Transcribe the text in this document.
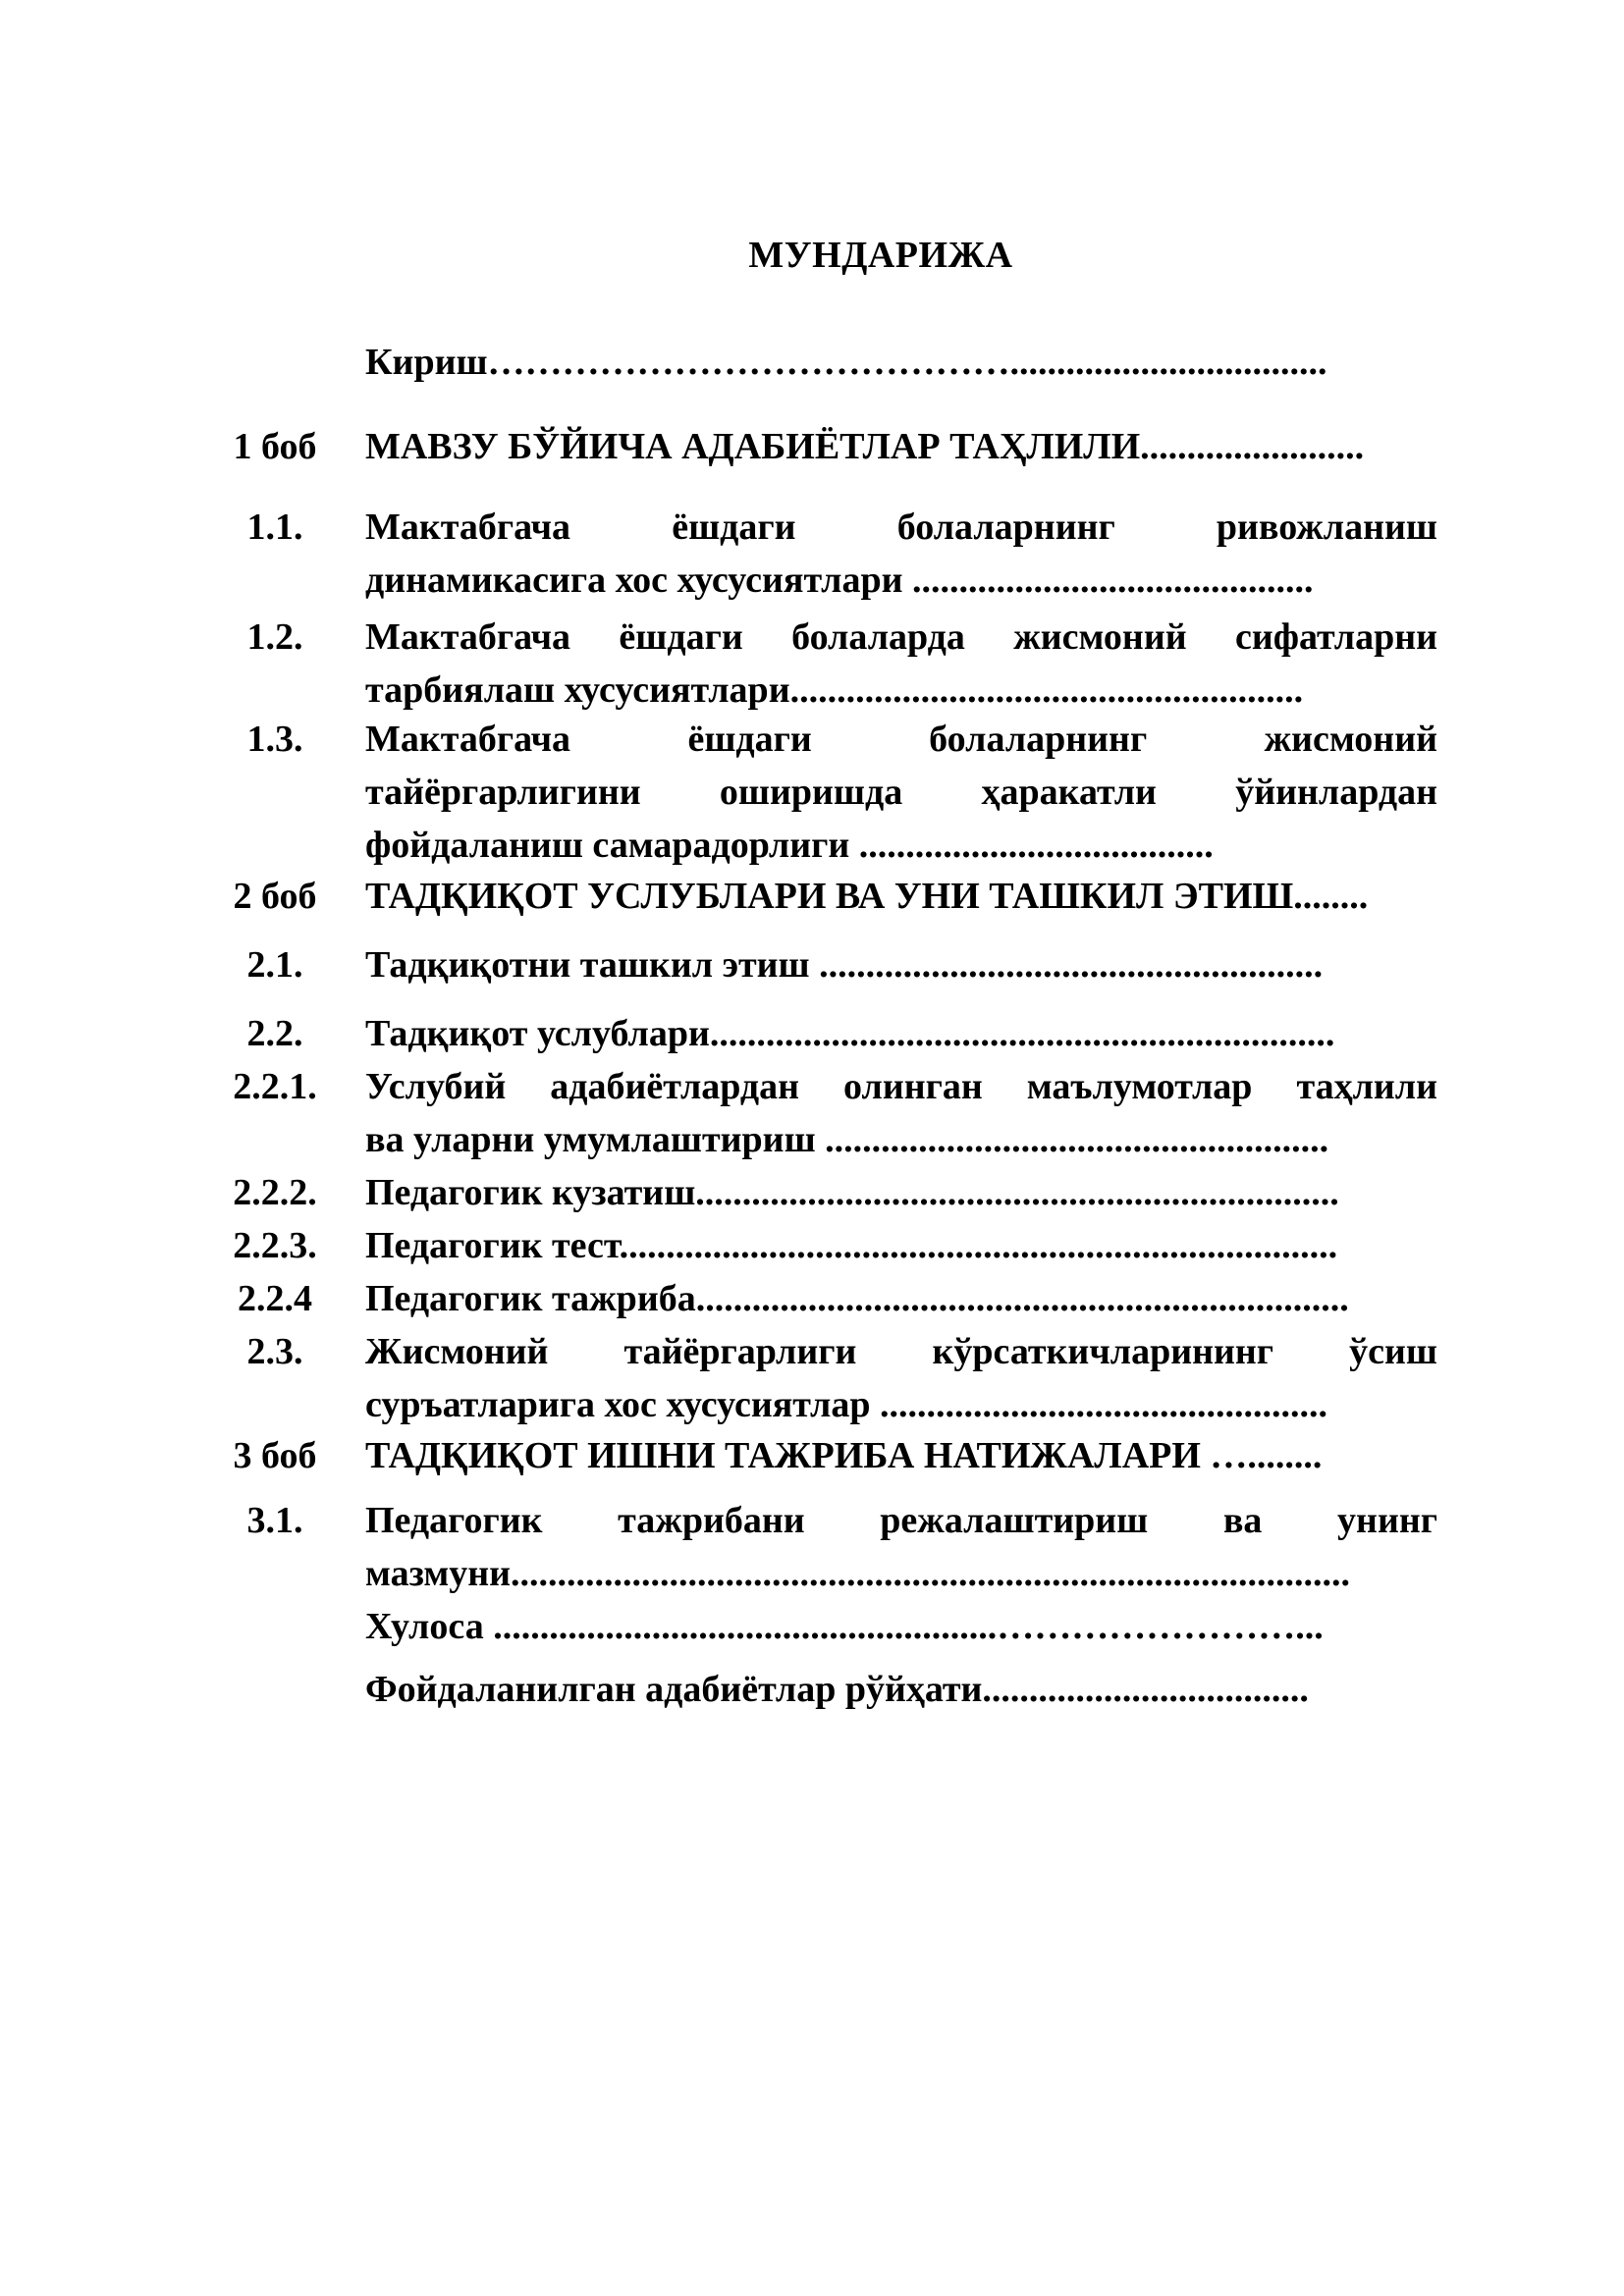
МУНДАРИЖА
Кириш……………………………………..................................
1 боб	МАВЗУ БЎЙИЧА АДАБИЁТЛАР ТАҲЛИЛИ........................
1.1.	Мактабгача ёшдаги болаларнинг ривожланиш
динамикасига хос хусусиятлари ...........................................
1.2.	Мактабгача ёшдаги болаларда жисмоний сифатларни
тарбиялаш хусусиятлари.......................................................
1.3.	Мактабгача ёшдаги болаларнинг жисмоний
тайёргарлигини оширишда ҳаракатли ўйинлардан
фойдаланиш самарадорлиги ......................................
2 боб	ТАДҚИҚОТ УСЛУБЛАРИ ВА УНИ ТАШКИЛ ЭТИШ........
2.1.	Тадқиқотни ташкил этиш ......................................................
2.2.	Тадқиқот услублари...................................................................
2.2.1.	Услубий адабиётлардан олинган маълумотлар таҳлили
ва уларни умумлаштириш ......................................................
2.2.2.	Педагогик кузатиш.....................................................................
2.2.3.	Педагогик тест.............................................................................
2.2.4	Педагогик тажриба......................................................................
2.3.	Жисмоний тайёргарлиги кўрсаткичларининг ўсиш
суръатларига хос хусусиятлар ................................................
3 боб	ТАДҚИҚОТ ИШНИ ТАЖРИБА НАТИЖАЛАРИ …........
3.1.	Педагогик тажрибани режалаштириш ва унинг
мазмуни..........................................................................................
Хулоса ......................................................……………………...
Фойдаланилган адабиётлар рўйҳати...................................
